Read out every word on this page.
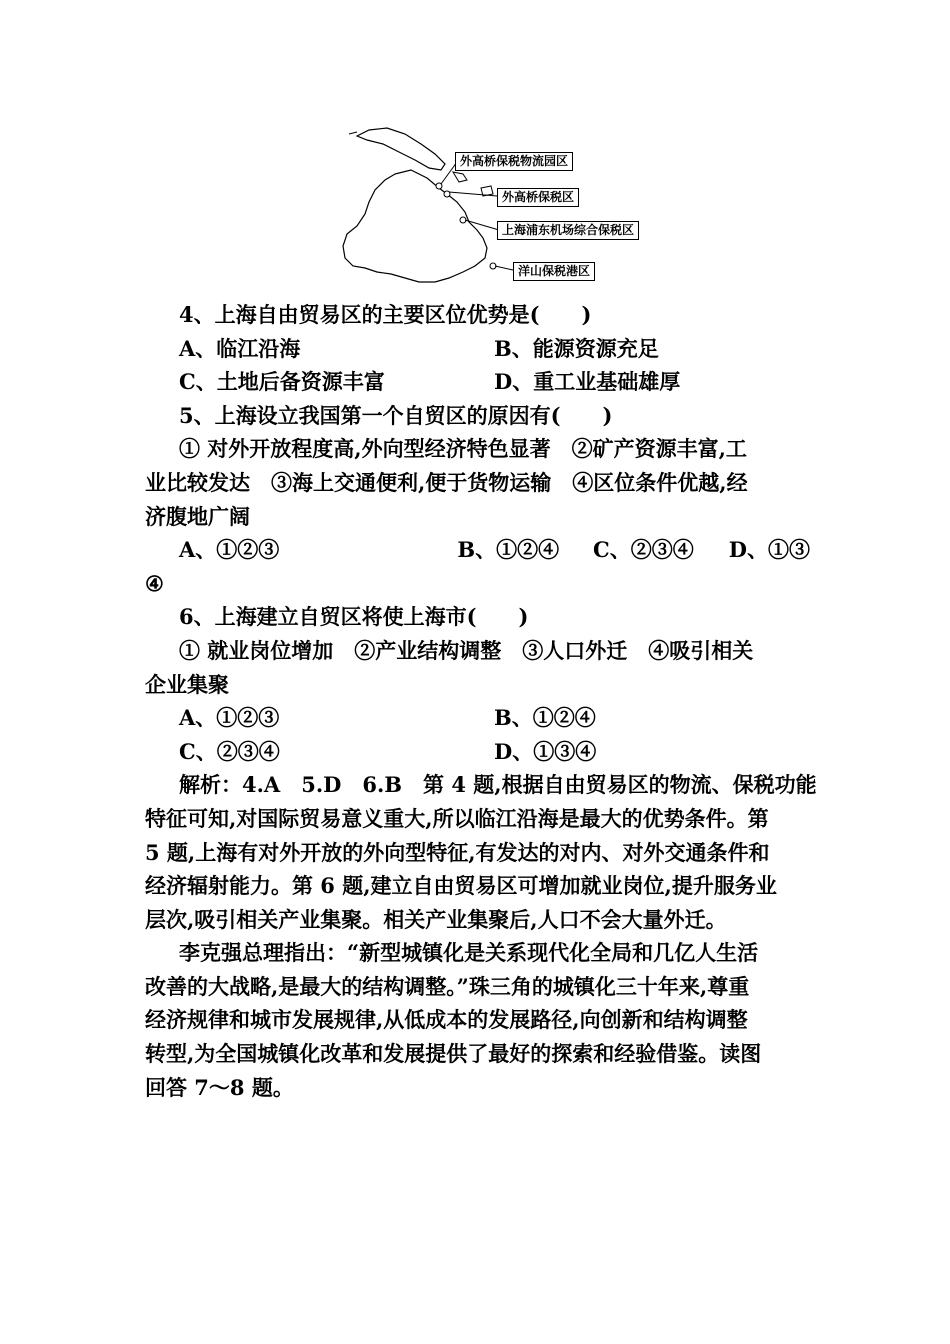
外高桥保税物流园区
外高桥保税区
上海浦东机场综合保税区
洋山保税港区
4、上海自由贸易区的主要区位优势是(　　)
A、临江沿海	B、能源资源充足
C、土地后备资源丰富	D、重工业基础雄厚
5、上海设立我国第一个自贸区的原因有(　　)
① 对外开放程度高,外向型经济特色显著　②矿产资源丰富,工
业比较发达　③海上交通便利,便于货物运输　④区位条件优越,经
济腹地广阔
A、①②③	B、①②④	C、②③④	D、①③
④
6、上海建立自贸区将使上海市(　　)
① 就业岗位增加　②产业结构调整　③人口外迁　④吸引相关
企业集聚
A、①②③	B、①②④
C、②③④	D、①③④
解析：4.A　5.D　6.B　第 4 题,根据自由贸易区的物流、保税功能
特征可知,对国际贸易意义重大,所以临江沿海是最大的优势条件。第
5 题,上海有对外开放的外向型特征,有发达的对内、对外交通条件和
经济辐射能力。第 6 题,建立自由贸易区可增加就业岗位,提升服务业
层次,吸引相关产业集聚。相关产业集聚后,人口不会大量外迁。
李克强总理指出：“新型城镇化是关系现代化全局和几亿人生活
改善的大战略,是最大的结构调整。”珠三角的城镇化三十年来,尊重
经济规律和城市发展规律,从低成本的发展路径,向创新和结构调整
转型,为全国城镇化改革和发展提供了最好的探索和经验借鉴。读图
回答 7～8 题。
